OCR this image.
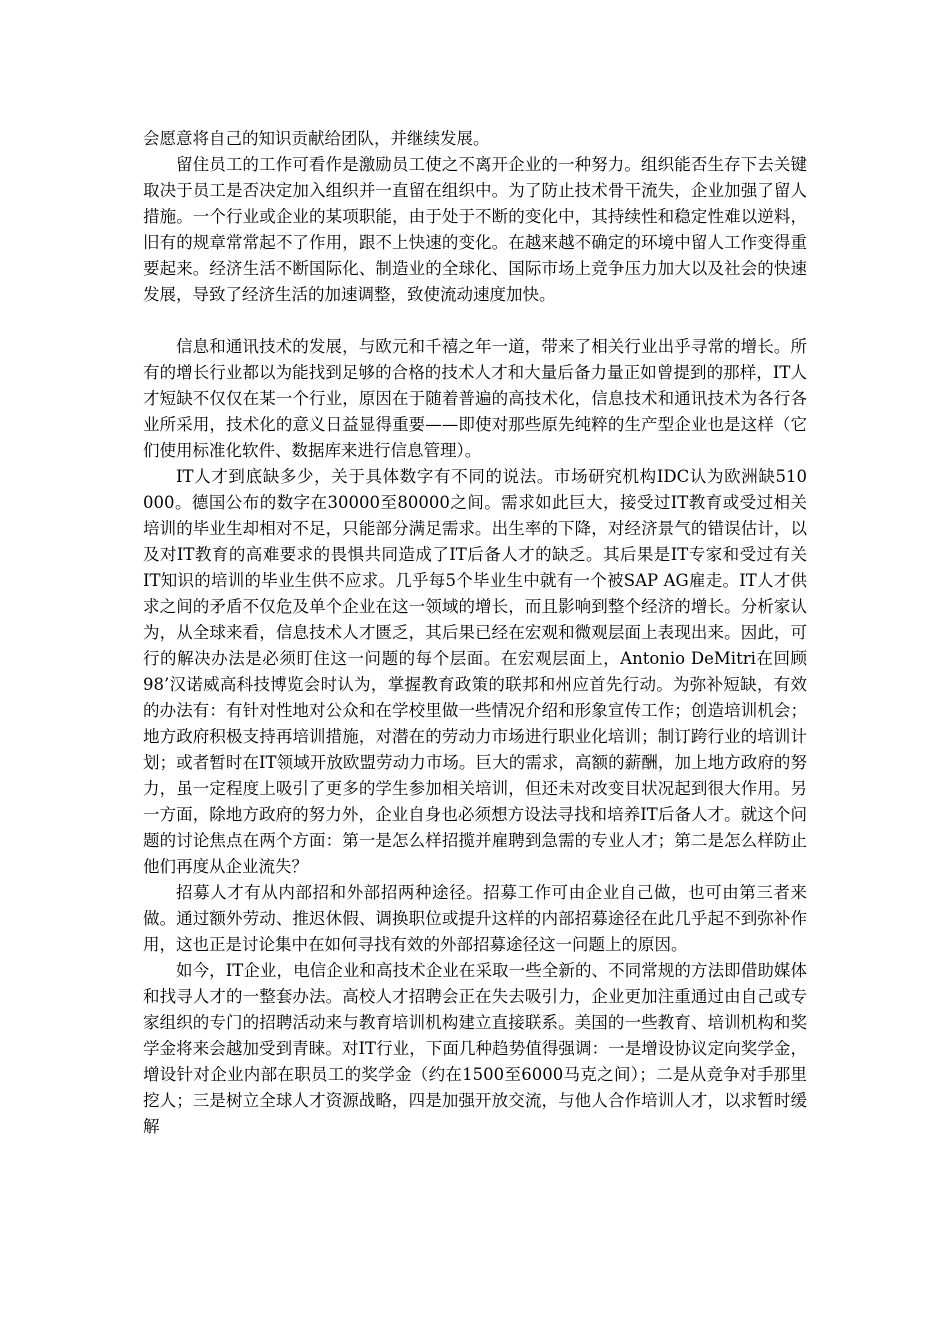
会愿意将自己的知识贡献给团队，并继续发展。

留住员工的工作可看作是激励员工使之不离开企业的一种努力。组织能否生存下去关键取决于员工是否决定加入组织并一直留在组织中。为了防止技术骨干流失，企业加强了留人措施。一个行业或企业的某项职能，由于处于不断的变化中，其持续性和稳定性难以逆料，旧有的规章常常起不了作用，跟不上快速的变化。在越来越不确定的环境中留人工作变得重要起来。经济生活不断国际化、制造业的全球化、国际市场上竞争压力加大以及社会的快速发展，导致了经济生活的加速调整，致使流动速度加快。

信息和通讯技术的发展，与欧元和千禧之年一道，带来了相关行业出乎寻常的增长。所有的增长行业都以为能找到足够的合格的技术人才和大量后备力量正如曾提到的那样，IT人才短缺不仅仅在某一个行业，原因在于随着普遍的高技术化，信息技术和通讯技术为各行各业所采用，技术化的意义日益显得重要——即使对那些原先纯粹的生产型企业也是这样（它们使用标准化软件、数据库来进行信息管理）。

IT人才到底缺多少，关于具体数字有不同的说法。市场研究机构IDC认为欧洲缺510 000。德国公布的数字在30000至80000之间。需求如此巨大，接受过IT教育或受过相关培训的毕业生却相对不足，只能部分满足需求。出生率的下降，对经济景气的错误估计，以及对IT教育的高难要求的畏惧共同造成了IT后备人才的缺乏。其后果是IT专家和受过有关IT知识的培训的毕业生供不应求。几乎每5个毕业生中就有一个被SAP AG雇走。IT人才供求之间的矛盾不仅危及单个企业在这一领域的增长，而且影响到整个经济的增长。分析家认为，从全球来看，信息技术人才匮乏，其后果已经在宏观和微观层面上表现出来。因此，可行的解决办法是必须盯住这一问题的每个层面。在宏观层面上，Antonio DeMitri在回顾98’汉诺威高科技博览会时认为，掌握教育政策的联邦和州应首先行动。为弥补短缺，有效的办法有：有针对性地对公众和在学校里做一些情况介绍和形象宣传工作；创造培训机会；地方政府积极支持再培训措施，对潜在的劳动力市场进行职业化培训；制订跨行业的培训计划；或者暂时在IT领域开放欧盟劳动力市场。巨大的需求，高额的薪酬，加上地方政府的努力，虽一定程度上吸引了更多的学生参加相关培训，但还未对改变目状况起到很大作用。另一方面，除地方政府的努力外，企业自身也必须想方设法寻找和培养IT后备人才。就这个问题的讨论焦点在两个方面：第一是怎么样招揽并雇聘到急需的专业人才；第二是怎么样防止他们再度从企业流失？

招募人才有从内部招和外部招两种途径。招募工作可由企业自己做，也可由第三者来做。通过额外劳动、推迟休假、调换职位或提升这样的内部招募途径在此几乎起不到弥补作用，这也正是讨论集中在如何寻找有效的外部招募途径这一问题上的原因。

如今，IT企业，电信企业和高技术企业在采取一些全新的、不同常规的方法即借助媒体和找寻人才的一整套办法。高校人才招聘会正在失去吸引力，企业更加注重通过由自己或专家组织的专门的招聘活动来与教育培训机构建立直接联系。美国的一些教育、培训机构和奖学金将来会越加受到青睐。对IT行业，下面几种趋势值得强调：一是增设协议定向奖学金，增设针对企业内部在职员工的奖学金（约在1500至6000马克之间）；二是从竞争对手那里挖人；三是树立全球人才资源战略，四是加强开放交流，与他人合作培训人才，以求暂时缓解
